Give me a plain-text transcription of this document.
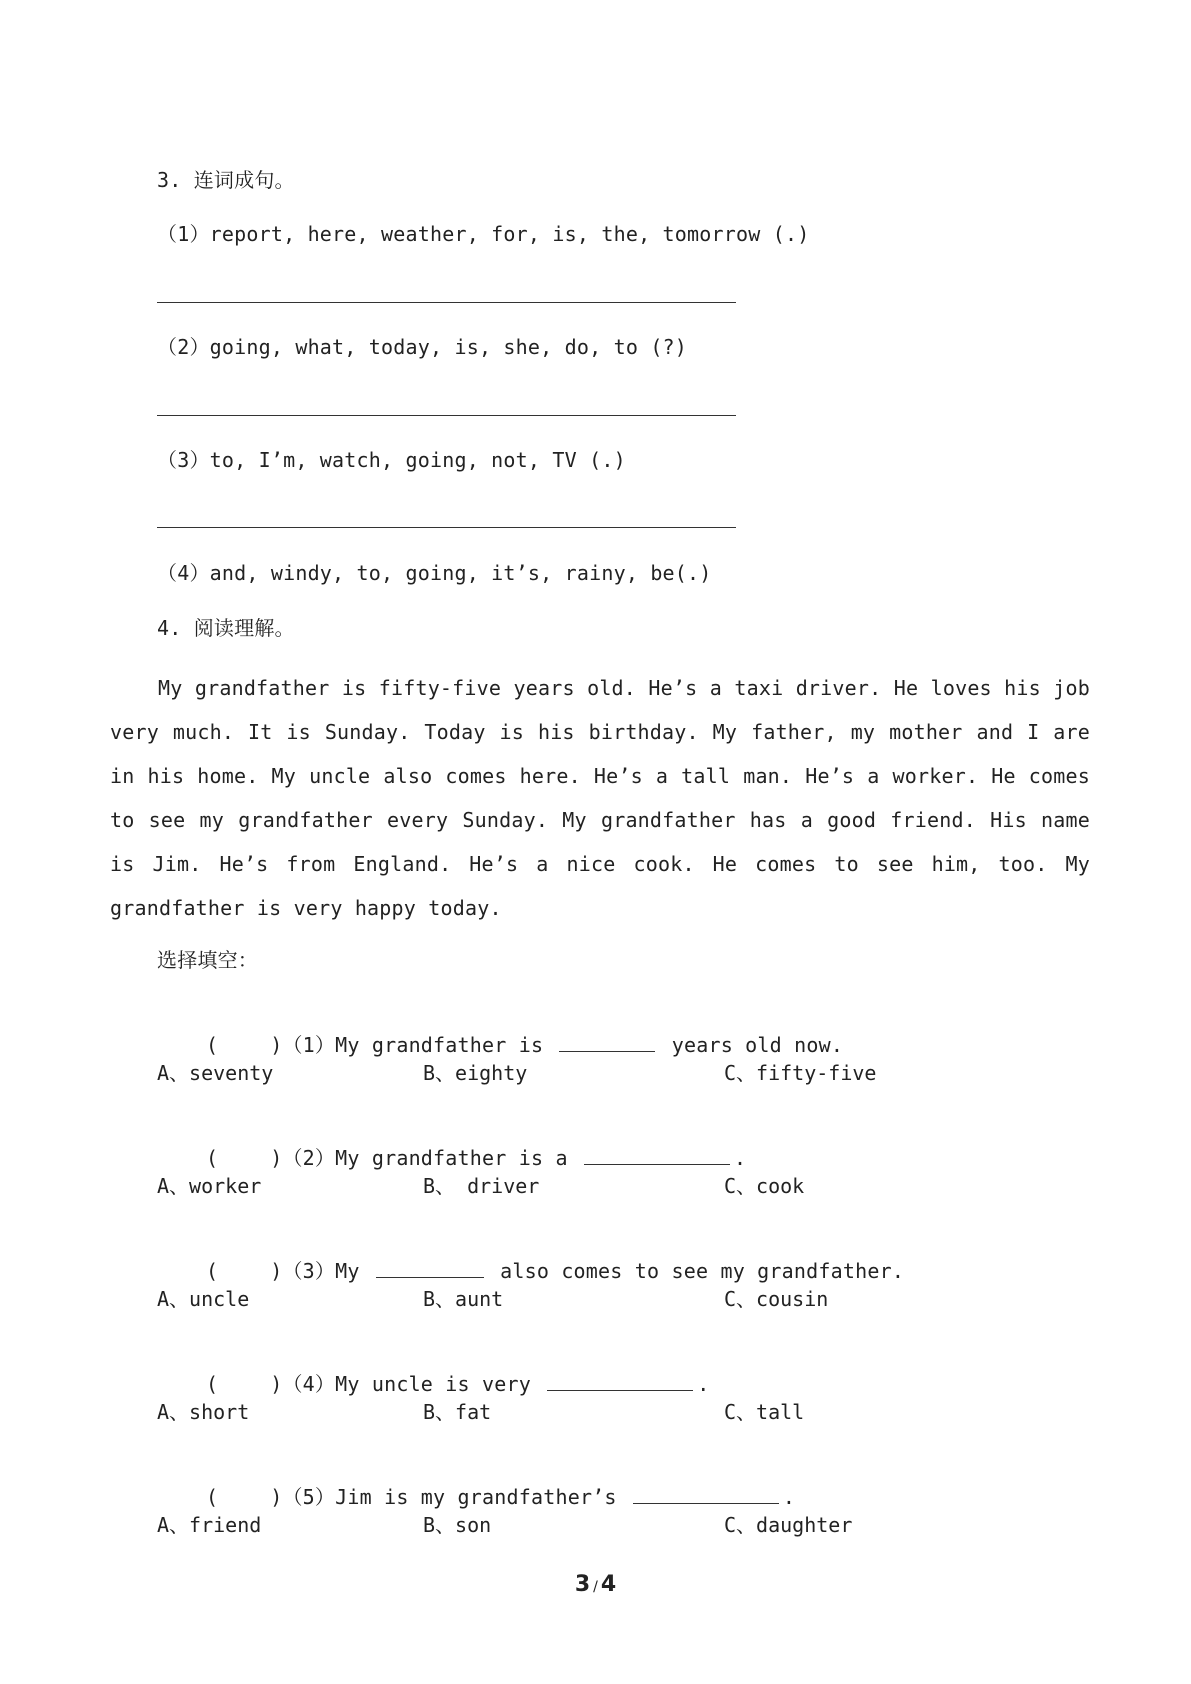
3. 连词成句。
（1）report, here, weather, for, is, the, tomorrow (.)
（2）going, what, today, is, she, do, to (?)
（3）to, I’m, watch, going, not, TV (.)
（4）and, windy, to, going, it’s, rainy, be(.)
4. 阅读理解。
My grandfather is fifty-five years old. He’s a taxi driver. He loves his job very much. It is Sunday. Today is his birthday. My father, my mother and I are in his home. My uncle also comes here. He’s a tall man. He’s a worker. He comes to see my grandfather every Sunday. My grandfather has a good friend. His name is Jim. He’s from England. He’s a nice cook. He comes to see him, too. My grandfather is very happy today.
选择填空：

(	)（1）My grandfather is	years old now.

A、seventy	B、eighty	C、fifty-five

(	)（2）My grandfather is a	.

A、worker	B、 driver	C、cook

(	)（3）My	also comes to see my grandfather.

A、uncle	B、aunt	C、cousin

(	)（4）My uncle is very	.

A、short	B、fat	C、tall

(	)（5）Jim is my grandfather’s	.

A、friend	B、son	C、daughter
3 / 4
